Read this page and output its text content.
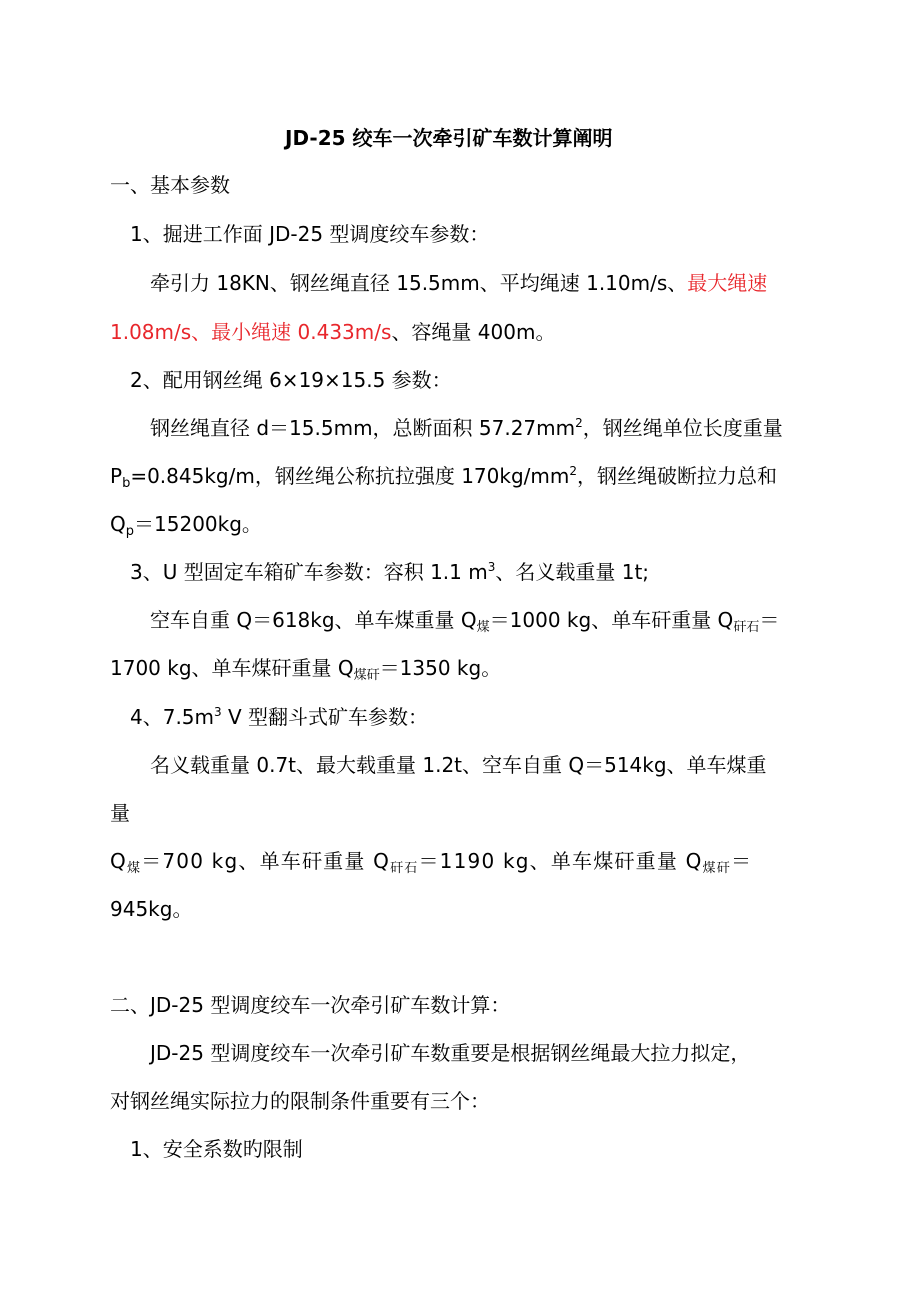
JD-25 绞车一次牵引矿车数计算阐明
一、基本参数
1、掘进工作面 JD-25 型调度绞车参数：
牵引力 18KN、钢丝绳直径 15.5mm、平均绳速 1.10m/s、最大绳速
1.08m/s、最小绳速 0.433m/s、容绳量 400m。
2、配用钢丝绳 6×19×15.5 参数：
钢丝绳直径 d＝15.5mm，总断面积 $57.27mm^2$，钢丝绳单位长度重量
$P_b=0.845kg/m$，钢丝绳公称抗拉强度 $170kg/mm^2$，钢丝绳破断拉力总和
$Q_p=15200kg$。
3、U 型固定车箱矿车参数：容积 1.1 $m^3$、名义载重量 1t;
空车自重 Q＝618kg、单车煤重量 $Q_煤=1000$ kg、单车矸重量 $Q_{矸石}=$
1700 kg、单车煤矸重量 $Q_{煤矸}=1350$ kg。
4、$7.5m^3$ V 型翻斗式矿车参数：
名义载重量 0.7t、最大载重量 1.2t、空车自重 Q＝514kg、单车煤重
量
$Q_煤=700$ kg、单车矸重量 $Q_{矸石}=1190$ kg、单车煤矸重量 $Q_{煤矸}=$
945kg。
二、JD-25 型调度绞车一次牵引矿车数计算：
JD-25 型调度绞车一次牵引矿车数重要是根据钢丝绳最大拉力拟定，
对钢丝绳实际拉力的限制条件重要有三个：
1、安全系数旳限制
